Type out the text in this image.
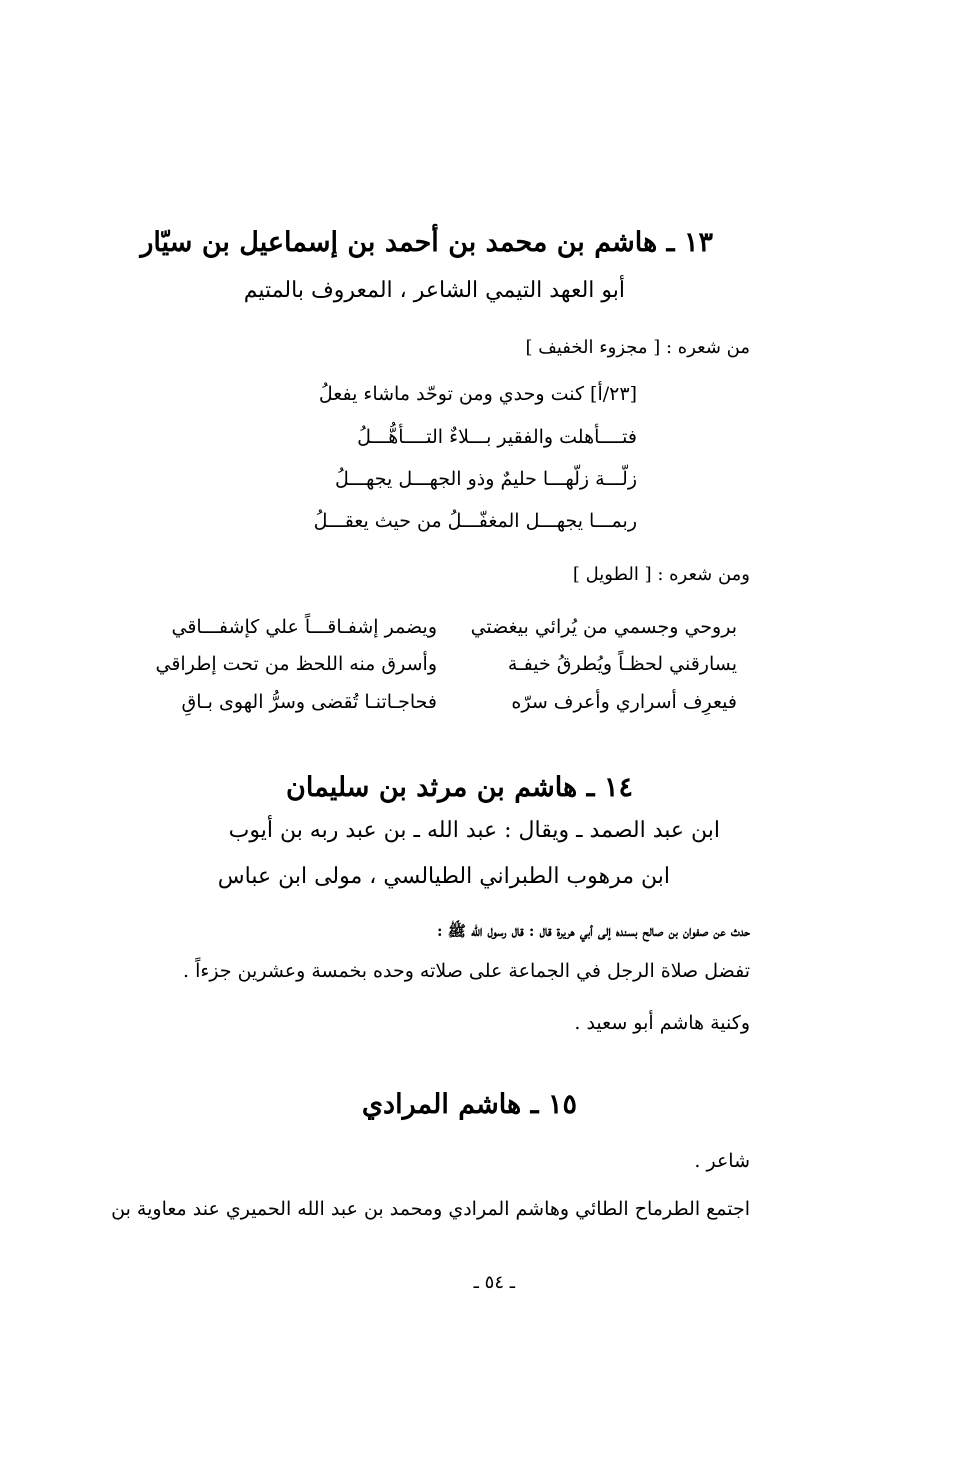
١٣ ـ هاشم بن محمد بن أحمد بن إسماعيل بن سيّار
أبو العهد التيمي الشاعر ، المعروف بالمتيم
من شعره : [ مجزوء الخفيف ]
[٢٣/أ] كنت وحدي ومن توحّد ماشاء يفعلُ
فتــــأهلت والفقير بـــلاءٌ التــــأهُّـــلُ
زلّـــة زلّهـــا حليمٌ وذو الجهـــل يجهـــلُ
ربمـــا يجهـــل المغفّـــلُ من حيث يعقـــلُ
ومن شعره : [ الطويل ]
بروحي وجسمي من يُرائي بيغضتي
ويضمر إشفـاقـــاً علي كإشفـــاقي
يسارقني لحظـاً ويُطرقُ خيفـة
وأسرق منه اللحظ من تحت إطراقي
فيعرِف أسراري وأعرف سرّه
فحاجـاتنـا تُقضى وسرُّ الهوى بـاقِ
١٤ ـ هاشم بن مرثد بن سليمان
ابن عبد الصمد ـ ويقال : عبد الله ـ بن عبد ربه بن أيوب
ابن مرهوب الطبراني الطيالسي ، مولى ابن عباس
حدث عن صفوان بن صالح بسنده إلى أبي هريرة قال : قال رسول الله ﷺ :
تفضل صلاة الرجل في الجماعة على صلاته وحده بخمسة وعشرين جزءاً .
وكنية هاشم أبو سعيد .
١٥ ـ هاشم المرادي
شاعر .
اجتمع الطرماح الطائي وهاشم المرادي ومحمد بن عبد الله الحميري عند معاوية بن
ـ ٥٤ ـ
